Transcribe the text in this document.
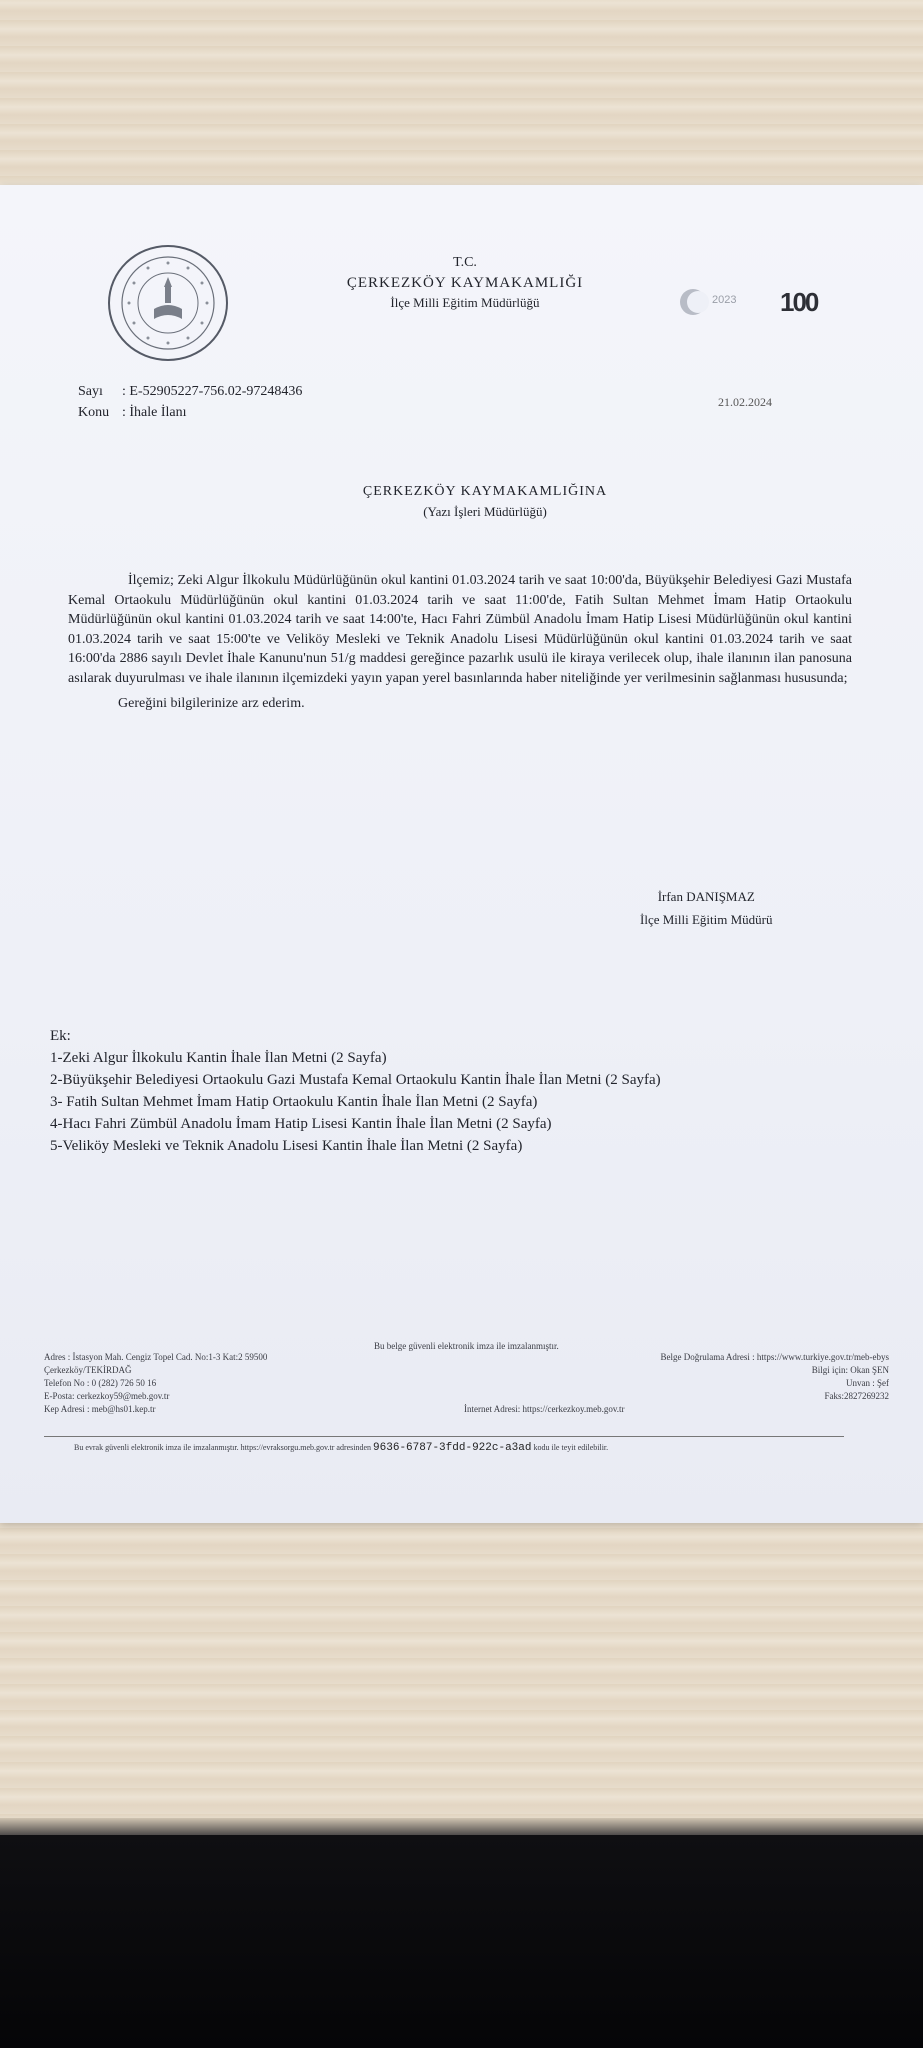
T.C.
ÇERKEZKÖY KAYMAKAMLIĞI
İlçe Milli Eğitim Müdürlüğü	2023 100
Sayı : E-52905227-756.02-97248436
Konu : İhale İlanı
21.02.2024
ÇERKEZKÖY KAYMAKAMLIĞINA
(Yazı İşleri Müdürlüğü)

İlçemiz; Zeki Algur İlkokulu Müdürlüğünün okul kantini 01.03.2024 tarih ve saat 10:00'da, Büyükşehir Belediyesi Gazi Mustafa Kemal Ortaokulu Müdürlüğünün okul kantini 01.03.2024 tarih ve saat 11:00'de, Fatih Sultan Mehmet İmam Hatip Ortaokulu Müdürlüğünün okul kantini 01.03.2024 tarih ve saat 14:00'te, Hacı Fahri Zümbül Anadolu İmam Hatip Lisesi Müdürlüğünün okul kantini 01.03.2024 tarih ve saat 15:00'te ve Veliköy Mesleki ve Teknik Anadolu Lisesi Müdürlüğünün okul kantini 01.03.2024 tarih ve saat 16:00'da 2886 sayılı Devlet İhale Kanunu'nun 51/g maddesi gereğince pazarlık usulü ile kiraya verilecek olup, ihale ilanının ilan panosuna asılarak duyurulması ve ihale ilanının ilçemizdeki yayın yapan yerel basınlarında haber niteliğinde yer verilmesinin sağlanması hususunda;

Gereğini bilgilerinize arz ederim.

İrfan DANIŞMAZ
İlçe Milli Eğitim Müdürü
Ek:
1-Zeki Algur İlkokulu Kantin İhale İlan Metni (2 Sayfa)
2-Büyükşehir Belediyesi Ortaokulu Gazi Mustafa Kemal Ortaokulu Kantin İhale İlan Metni (2 Sayfa)
3- Fatih Sultan Mehmet İmam Hatip Ortaokulu Kantin İhale İlan Metni (2 Sayfa)
4-Hacı Fahri Zümbül Anadolu İmam Hatip Lisesi Kantin İhale İlan Metni (2 Sayfa)
5-Veliköy Mesleki ve Teknik Anadolu Lisesi Kantin İhale İlan Metni (2 Sayfa)
Bu belge güvenli elektronik imza ile imzalanmıştır.
Adres : İstasyon Mah. Cengiz Topel Cad. No:1-3 Kat:2 59500
Çerkezköy/TEKİRDAĞ
Telefon No : 0 (282) 726 50 16
E-Posta: cerkezkoy59@meb.gov.tr
Kep Adresi : meb@hs01.kep.tr
Belge Doğrulama Adresi : https://www.turkiye.gov.tr/meb-ebys
Bilgi için: Okan ŞEN
Unvan : Şef
Faks:2827269232
İnternet Adresi: https://cerkezkoy.meb.gov.tr
Bu evrak güvenli elektronik imza ile imzalanmıştır. https://evraksorgu.meb.gov.tr adresinden 9636-6787-3fdd-922c-a3ad kodu ile teyit edilebilir.
